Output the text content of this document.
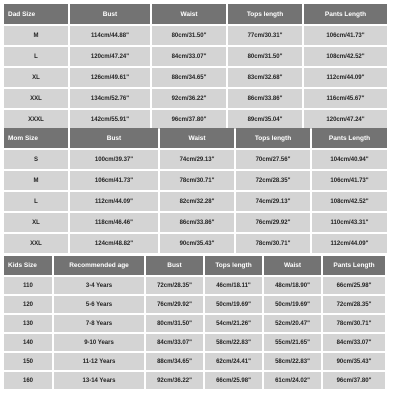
Dad Size	Bust	Waist	Tops length	Pants Length
M	114cm/44.88"	80cm/31.50"	77cm/30.31"	106cm/41.73"
L	120cm/47.24"	84cm/33.07"	80cm/31.50"	108cm/42.52"
XL	126cm/49.61"	88cm/34.65"	83cm/32.68"	112cm/44.09"
XXL	134cm/52.76"	92cm/36.22"	86cm/33.86"	116cm/45.67"
XXXL	142cm/55.91"	96cm/37.80"	89cm/35.04"	120cm/47.24"
Mom Size	Bust	Waist	Tops length	Pants Length
S	100cm/39.37"	74cm/29.13"	70cm/27.56"	104cm/40.94"
M	106cm/41.73"	78cm/30.71"	72cm/28.35"	106cm/41.73"
L	112cm/44.09"	82cm/32.28"	74cm/29.13"	108cm/42.52"
XL	118cm/46.46"	86cm/33.86"	76cm/29.92"	110cm/43.31"
XXL	124cm/48.82"	90cm/35.43"	78cm/30.71"	112cm/44.09"
Kids Size	Recommended age	Bust	Tops length	Waist	Pants Length
110	3-4 Years	72cm/28.35"	46cm/18.11"	48cm/18.90"	66cm/25.98"
120	5-6 Years	76cm/29.92"	50cm/19.69"	50cm/19.69"	72cm/28.35"
130	7-8 Years	80cm/31.50"	54cm/21.26"	52cm/20.47"	78cm/30.71"
140	9-10 Years	84cm/33.07"	58cm/22.83"	55cm/21.65"	84cm/33.07"
150	11-12 Years	88cm/34.65"	62cm/24.41"	58cm/22.83"	90cm/35.43"
160	13-14 Years	92cm/36.22"	66cm/25.98"	61cm/24.02"	96cm/37.80"
